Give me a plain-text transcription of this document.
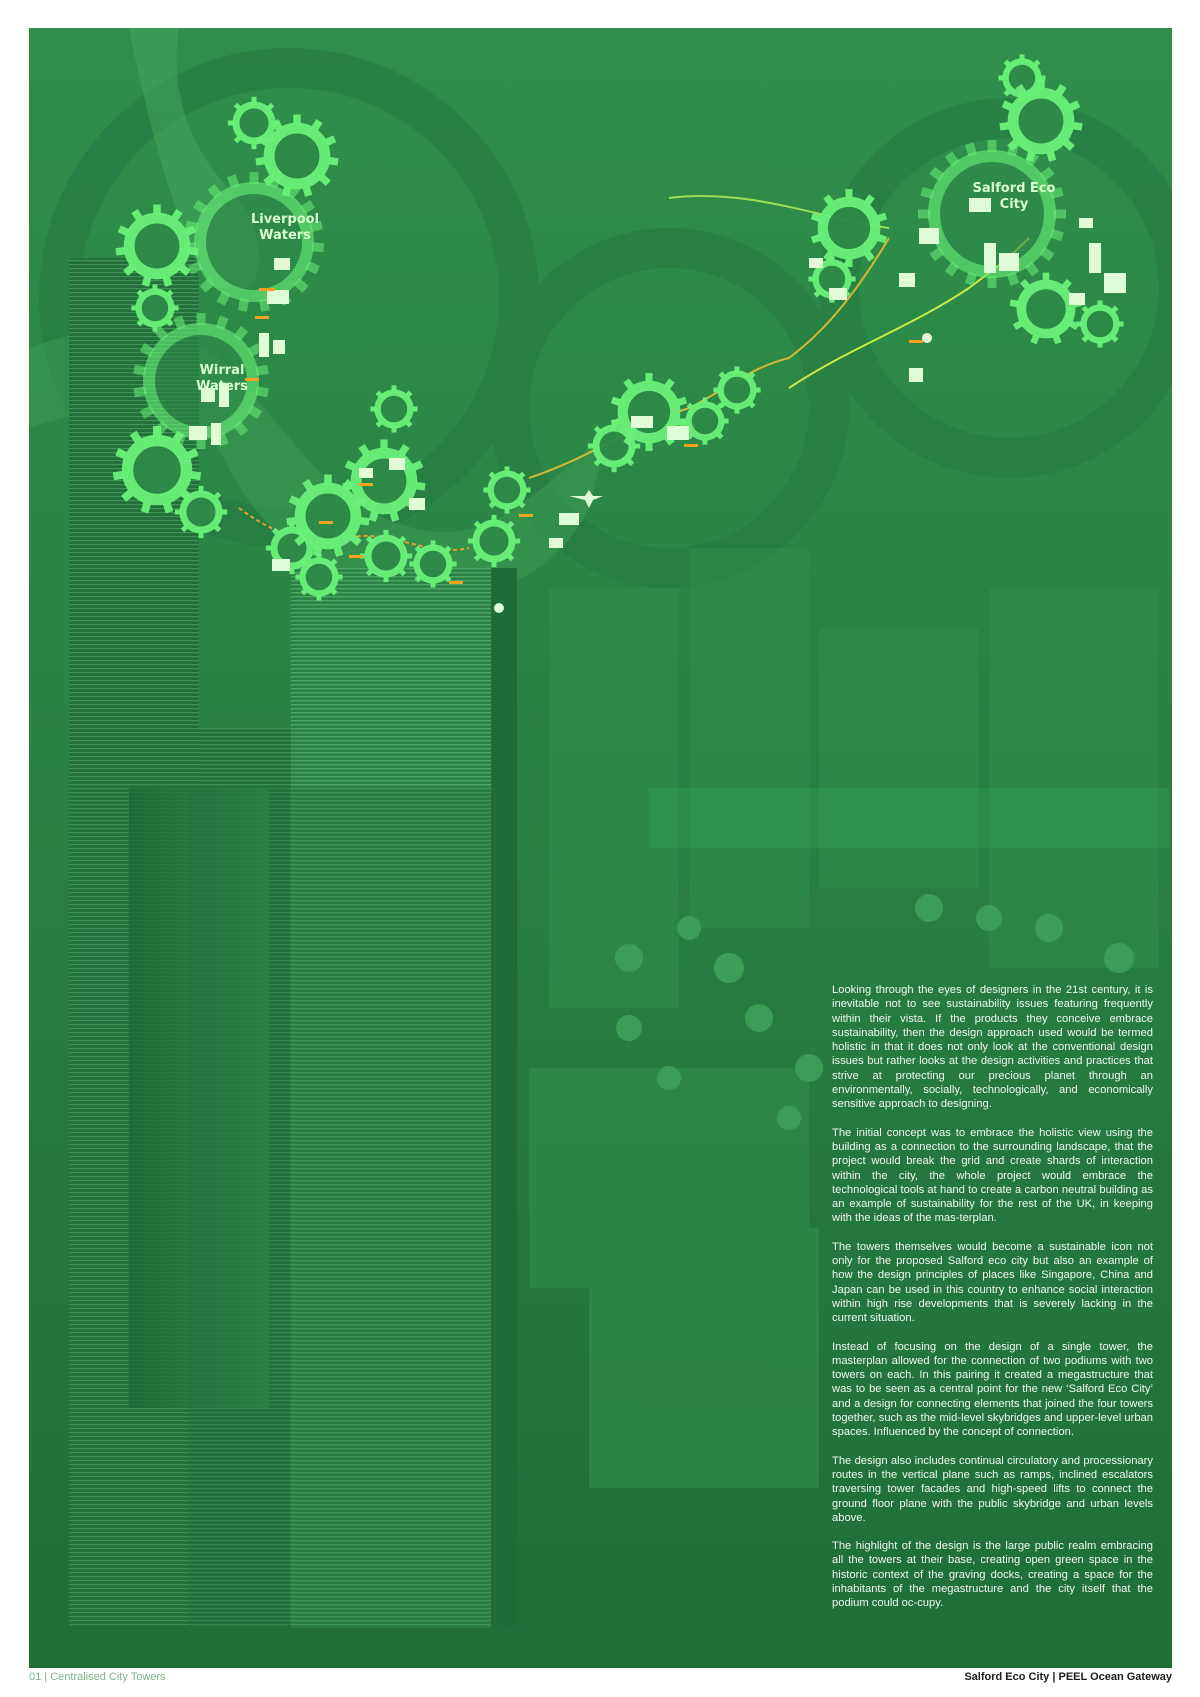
Liverpool Waters
Wirral Waters
Salford Eco City

Looking through the eyes of designers in the 21st century, it is inevitable not to see sustainability issues featuring frequently within their vista. If the products they conceive embrace sustainability, then the design approach used would be termed holistic in that it does not only look at the conventional design issues but rather looks at the design activities and practices that strive at protecting our precious planet through an environmentally, socially, technologically, and economically sensitive approach to designing.

The initial concept was to embrace the holistic view using the building as a connection to the surrounding landscape, that the project would break the grid and create shards of interaction within the city, the whole project would embrace the technological tools at hand to create a carbon neutral building as an example of sustainability for the rest of the UK, in keeping with the ideas of the mas-terplan.

The towers themselves would become a sustainable icon not only for the proposed Salford eco city but also an example of how the design principles of places like Singapore, China and Japan can be used in this country to enhance social interaction within high rise developments that is severely lacking in the current situation.

Instead of focusing on the design of a single tower, the masterplan allowed for the connection of two podiums with two towers on each. In this pairing it created a megastructure that was to be seen as a central point for the new ‘Salford Eco City’ and a design for connecting elements that joined the four towers together, such as the mid-level skybridges and upper-level urban spaces. Influenced by the concept of connection.

The design also includes continual circulatory and processionary routes in the vertical plane such as ramps, inclined escalators traversing tower facades and high-speed lifts to connect the ground floor plane with the public skybridge and urban levels above.

The highlight of the design is the large public realm embracing all the towers at their base, creating open green space in the historic context of the graving docks, creating a space for the inhabitants of the megastructure and the city itself that the podium could oc-cupy.

01 | Centralised City Towers	Salford Eco City | PEEL Ocean Gateway
